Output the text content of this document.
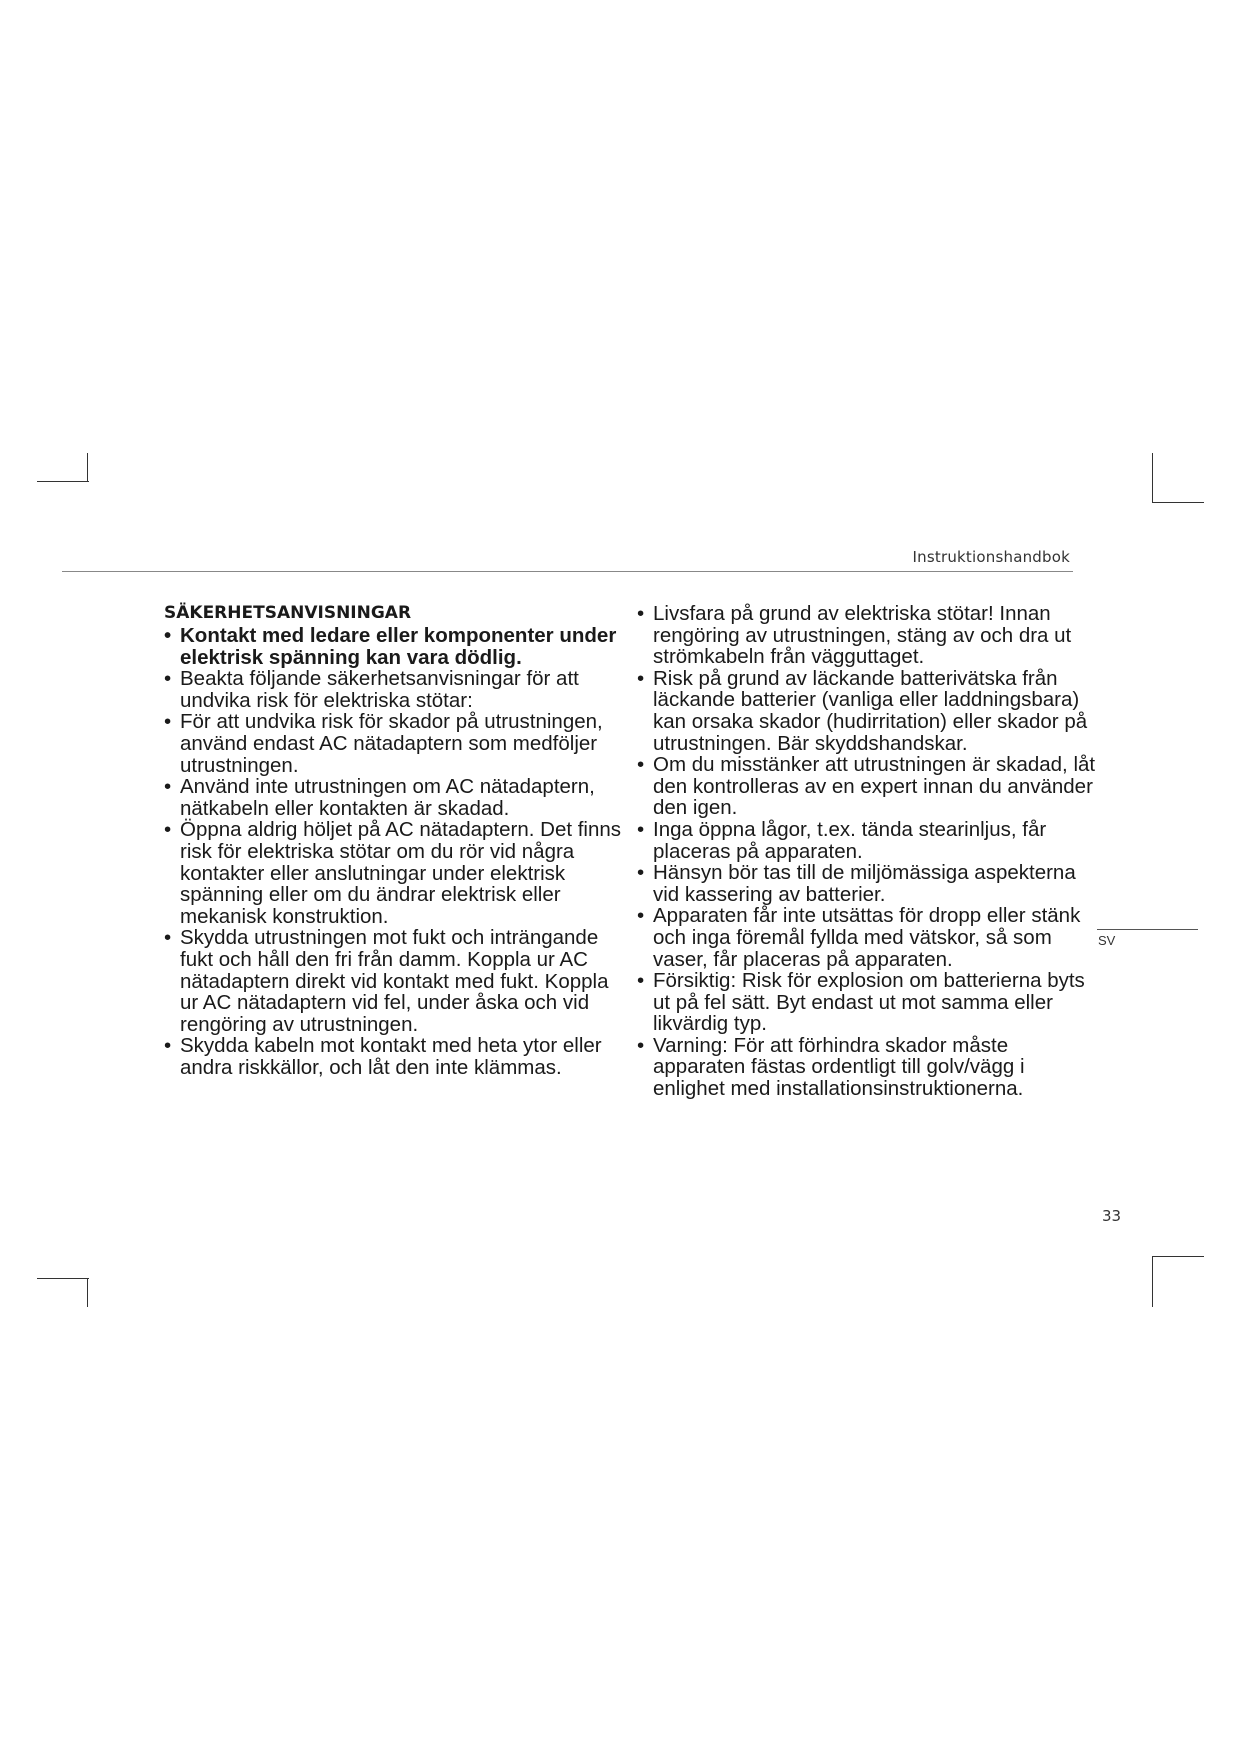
Instruktionshandbok
SÄKERHETSANVISNINGAR
• Kontakt med ledare eller komponenter under elektrisk spänning kan vara dödlig.
• Beakta följande säkerhetsanvisningar för att undvika risk för elektriska stötar:
• För att undvika risk för skador på utrustningen, använd endast AC nätadaptern som medföljer utrustningen.
• Använd inte utrustningen om AC nätadaptern, nätkabeln eller kontakten är skadad.
• Öppna aldrig höljet på AC nätadaptern. Det finns risk för elektriska stötar om du rör vid några kontakter eller anslutningar under elektrisk spänning eller om du ändrar elektrisk eller mekanisk konstruktion.
• Skydda utrustningen mot fukt och inträngande fukt och håll den fri från damm. Koppla ur AC nätadaptern direkt vid kontakt med fukt. Koppla ur AC nätadaptern vid fel, under åska och vid rengöring av utrustningen.
• Skydda kabeln mot kontakt med heta ytor eller andra riskkällor, och låt den inte klämmas.
• Livsfara på grund av elektriska stötar! Innan rengöring av utrustningen, stäng av och dra ut strömkabeln från vägguttaget.
• Risk på grund av läckande batterivätska från läckande batterier (vanliga eller laddningsbara) kan orsaka skador (hudirritation) eller skador på utrustningen. Bär skyddshandskar.
• Om du misstänker att utrustningen är skadad, låt den kontrolleras av en expert innan du använder den igen.
• Inga öppna lågor, t.ex. tända stearinljus, får placeras på apparaten.
• Hänsyn bör tas till de miljömässiga aspekterna vid kassering av batterier.
• Apparaten får inte utsättas för dropp eller stänk och inga föremål fyllda med vätskor, så som vaser, får placeras på apparaten.
• Försiktig: Risk för explosion om batterierna byts ut på fel sätt. Byt endast ut mot samma eller likvärdig typ.
• Varning: För att förhindra skador måste apparaten fästas ordentligt till golv/vägg i enlighet med installationsinstruktionerna.
SV
33
